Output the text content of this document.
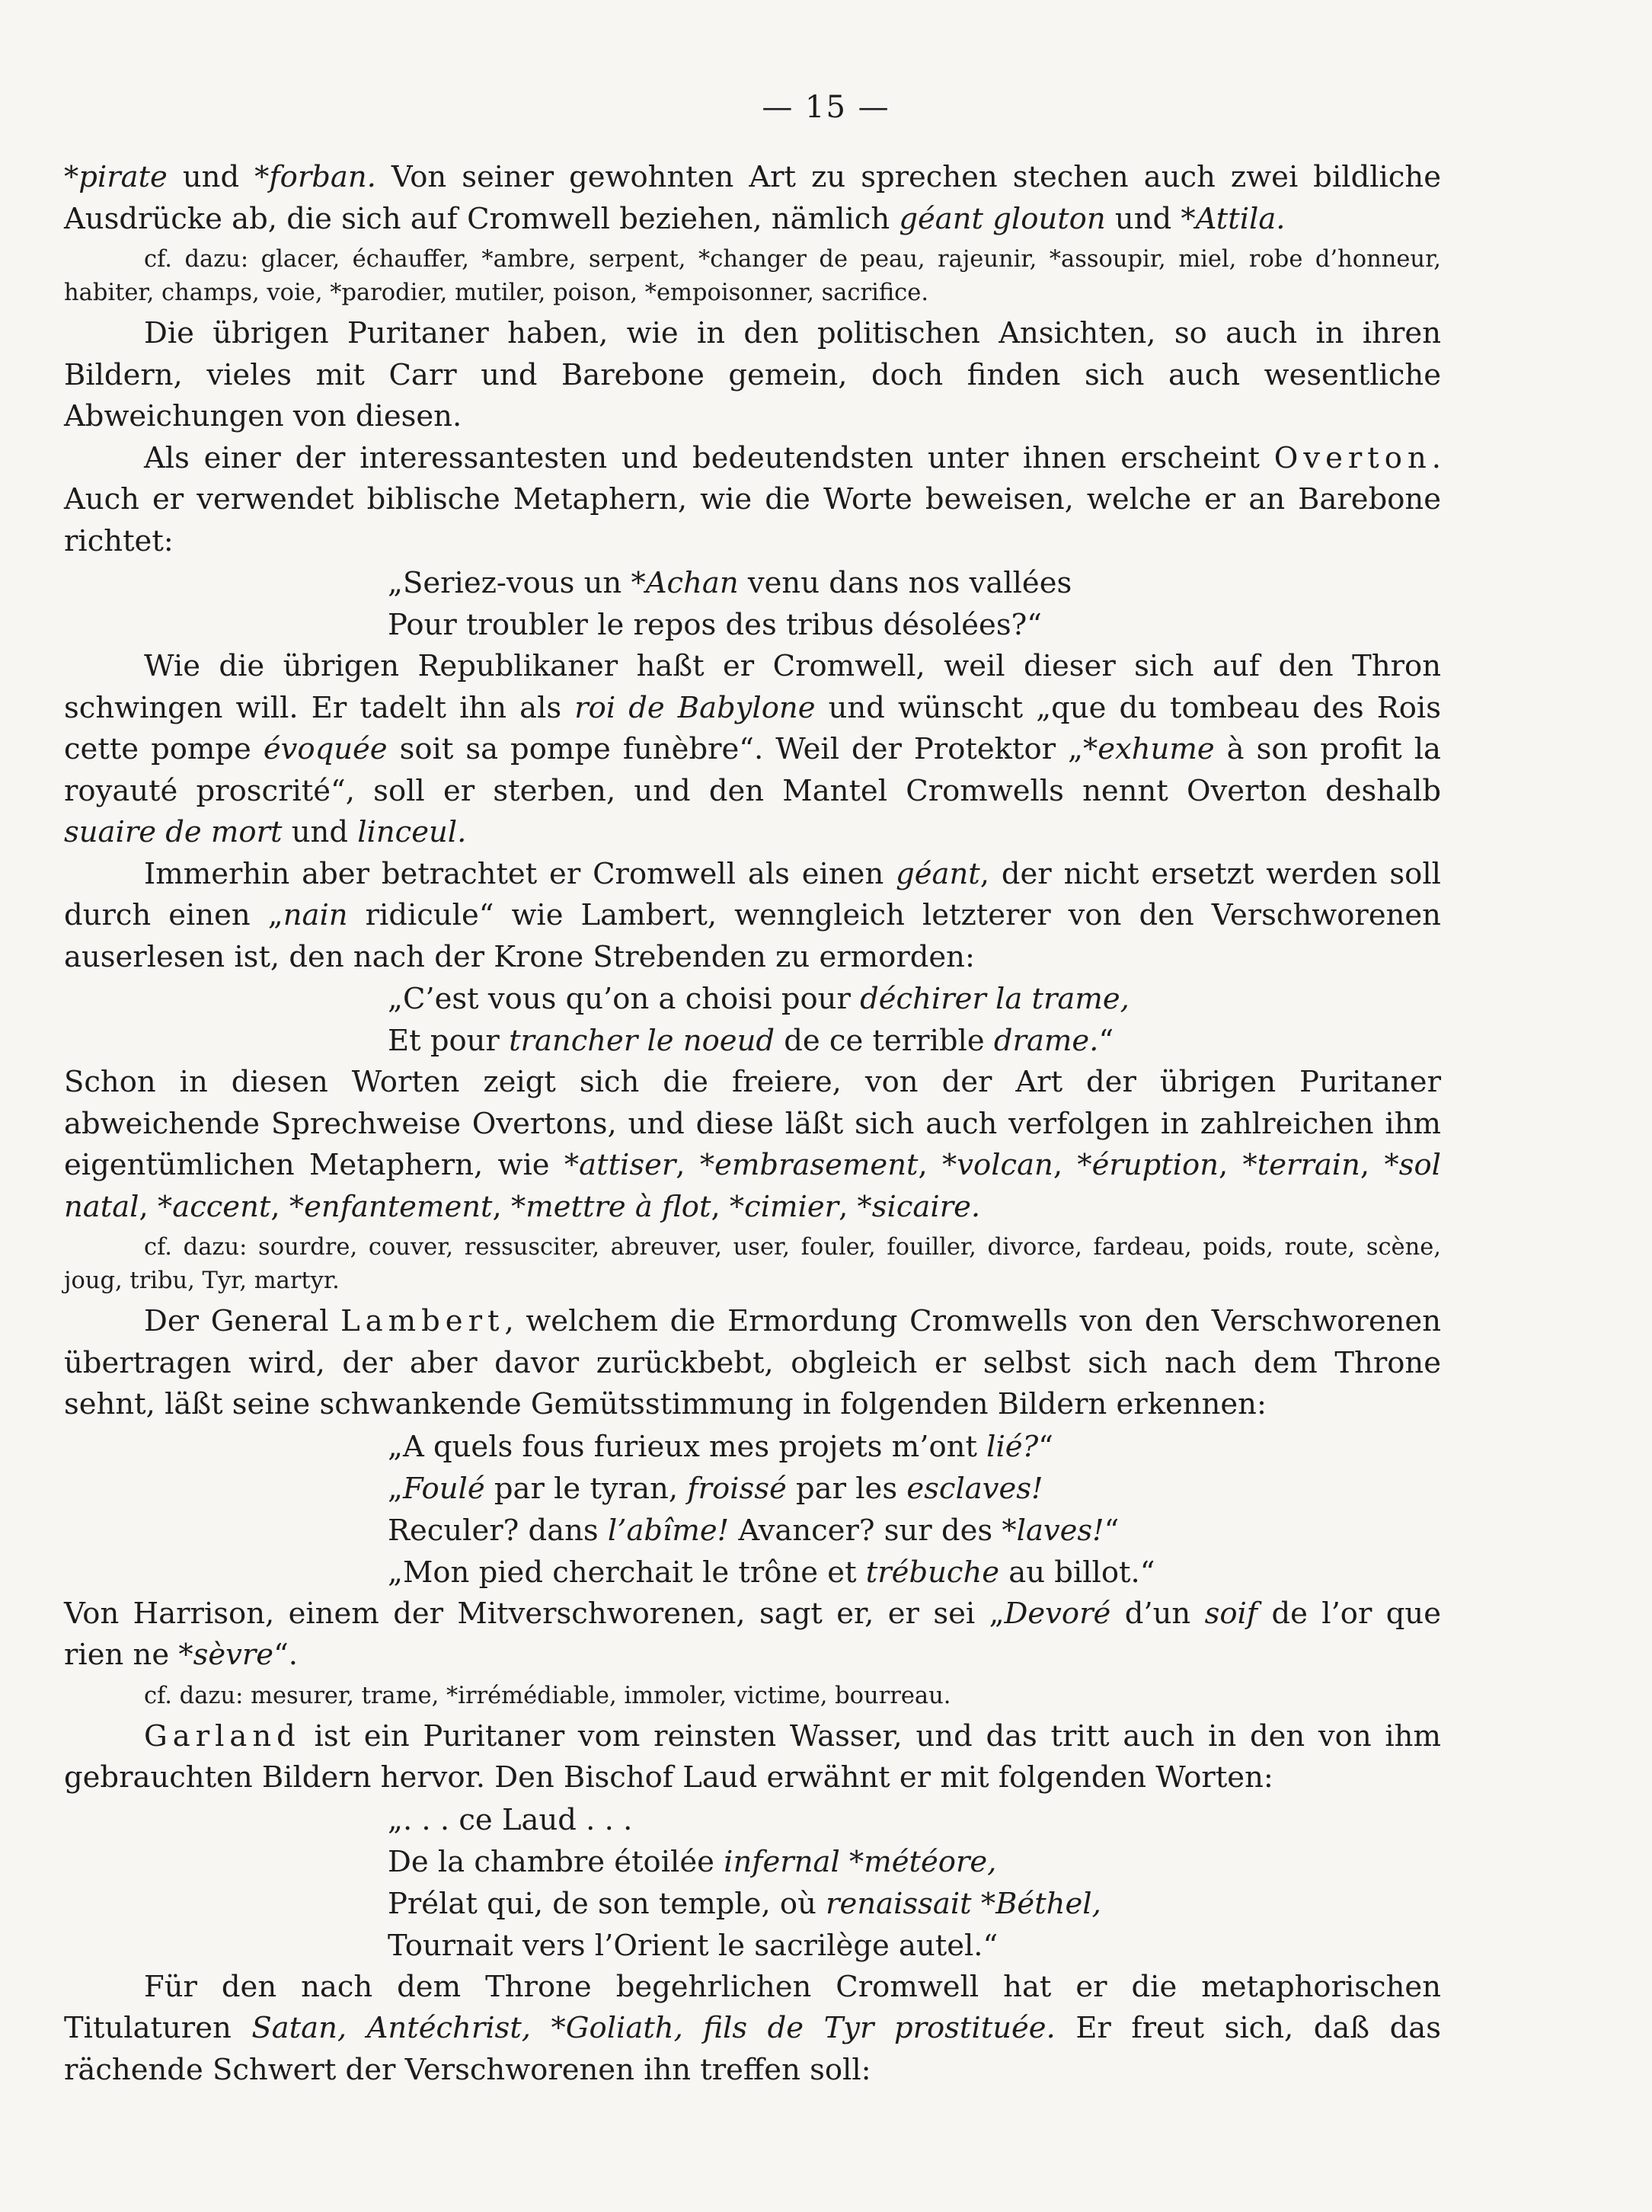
— 15 —

*pirate und *forban. Von seiner gewohnten Art zu sprechen stechen auch zwei bildliche Ausdrücke ab, die sich auf Cromwell beziehen, nämlich géant glouton und *Attila.

cf. dazu: glacer, échauffer, *ambre, serpent, *changer de peau, rajeunir, *assoupir, miel, robe d’honneur, habiter, champs, voie, *parodier, mutiler, poison, *empoisonner, sacrifice.

Die übrigen Puritaner haben, wie in den politischen Ansichten, so auch in ihren Bildern, vieles mit Carr und Barebone gemein, doch finden sich auch wesentliche Abweichungen von diesen.

Als einer der interessantesten und bedeutendsten unter ihnen erscheint Overton. Auch er verwendet biblische Metaphern, wie die Worte beweisen, welche er an Barebone richtet:

„Seriez-vous un *Achan venu dans nos vallées
Pour troubler le repos des tribus désolées?“

Wie die übrigen Republikaner haßt er Cromwell, weil dieser sich auf den Thron schwingen will. Er tadelt ihn als roi de Babylone und wünscht „que du tombeau des Rois cette pompe évoquée soit sa pompe funèbre“. Weil der Protektor „*exhume à son profit la royauté proscrité“, soll er sterben, und den Mantel Cromwells nennt Overton deshalb suaire de mort und linceul.

Immerhin aber betrachtet er Cromwell als einen géant, der nicht ersetzt werden soll durch einen „nain ridicule“ wie Lambert, wenngleich letzterer von den Verschworenen auserlesen ist, den nach der Krone Strebenden zu ermorden:

„C’est vous qu’on a choisi pour déchirer la trame,
Et pour trancher le noeud de ce terrible drame.“

Schon in diesen Worten zeigt sich die freiere, von der Art der übrigen Puritaner abweichende Sprechweise Overtons, und diese läßt sich auch verfolgen in zahlreichen ihm eigentümlichen Metaphern, wie *attiser, *embrasement, *volcan, *éruption, *terrain, *sol natal, *accent, *enfantement, *mettre à flot, *cimier, *sicaire.

cf. dazu: sourdre, couver, ressusciter, abreuver, user, fouler, fouiller, divorce, fardeau, poids, route, scène, joug, tribu, Tyr, martyr.

Der General Lambert, welchem die Ermordung Cromwells von den Verschworenen übertragen wird, der aber davor zurückbebt, obgleich er selbst sich nach dem Throne sehnt, läßt seine schwankende Gemütsstimmung in folgenden Bildern erkennen:

„A quels fous furieux mes projets m’ont lié?“
„Foulé par le tyran, froissé par les esclaves!
Reculer? dans l’abîme! Avancer? sur des *laves!“
„Mon pied cherchait le trône et trébuche au billot.“

Von Harrison, einem der Mitverschworenen, sagt er, er sei „Devoré d’un soif de l’or que rien ne *sèvre“.

cf. dazu: mesurer, trame, *irrémédiable, immoler, victime, bourreau.

Garland ist ein Puritaner vom reinsten Wasser, und das tritt auch in den von ihm gebrauchten Bildern hervor. Den Bischof Laud erwähnt er mit folgenden Worten:

„. . . ce Laud . . .
De la chambre étoilée infernal *météore,
Prélat qui, de son temple, où renaissait *Béthel,
Tournait vers l’Orient le sacrilège autel.“

Für den nach dem Throne begehrlichen Cromwell hat er die metaphorischen Titulaturen Satan, Antéchrist, *Goliath, fils de Tyr prostituée. Er freut sich, daß das rächende Schwert der Verschworenen ihn treffen soll:
